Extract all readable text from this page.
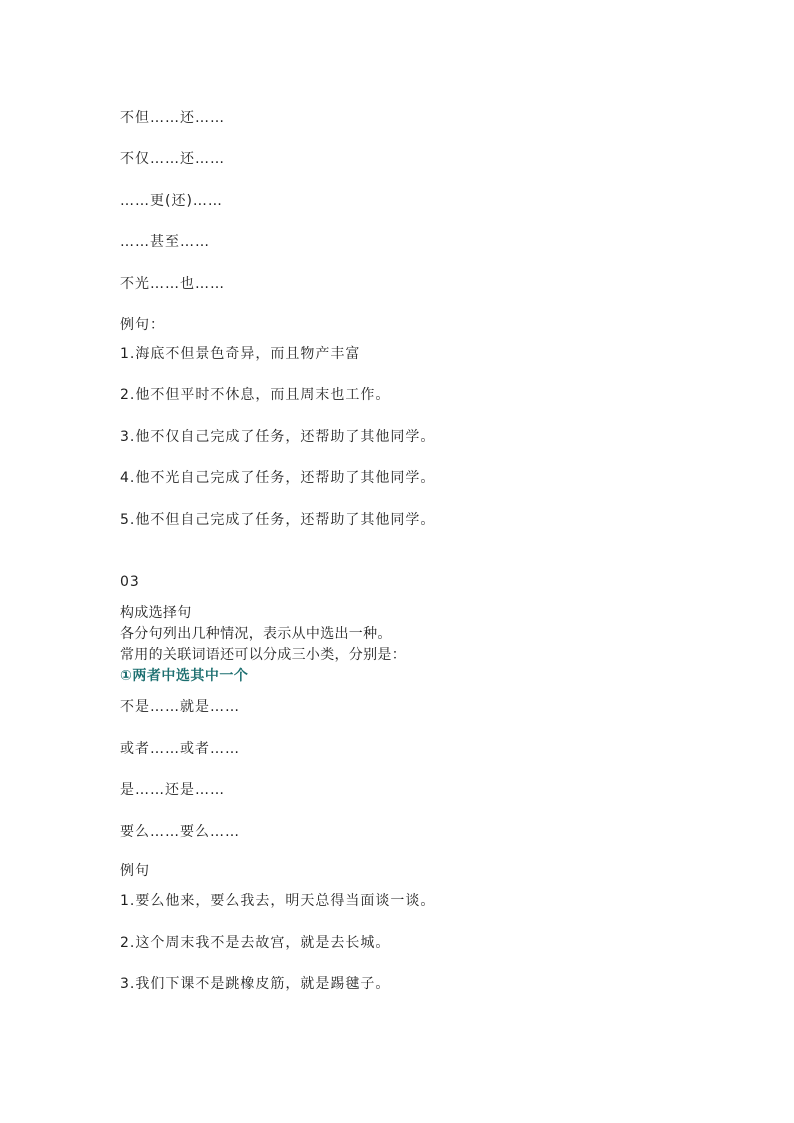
不但……还……
不仅……还……
……更(还)……
……甚至……
不光……也……
例句：
1.海底不但景色奇异，而且物产丰富
2.他不但平时不休息，而且周末也工作。
3.他不仅自己完成了任务，还帮助了其他同学。
4.他不光自己完成了任务，还帮助了其他同学。
5.他不但自己完成了任务，还帮助了其他同学。
03
构成选择句
各分句列出几种情况，表示从中选出一种。
常用的关联词语还可以分成三小类，分别是：
①两者中选其中一个
不是……就是……
或者……或者……
是……还是……
要么……要么……
例句
1.要么他来，要么我去，明天总得当面谈一谈。
2.这个周末我不是去故宫，就是去长城。
3.我们下课不是跳橡皮筋，就是踢毽子。
